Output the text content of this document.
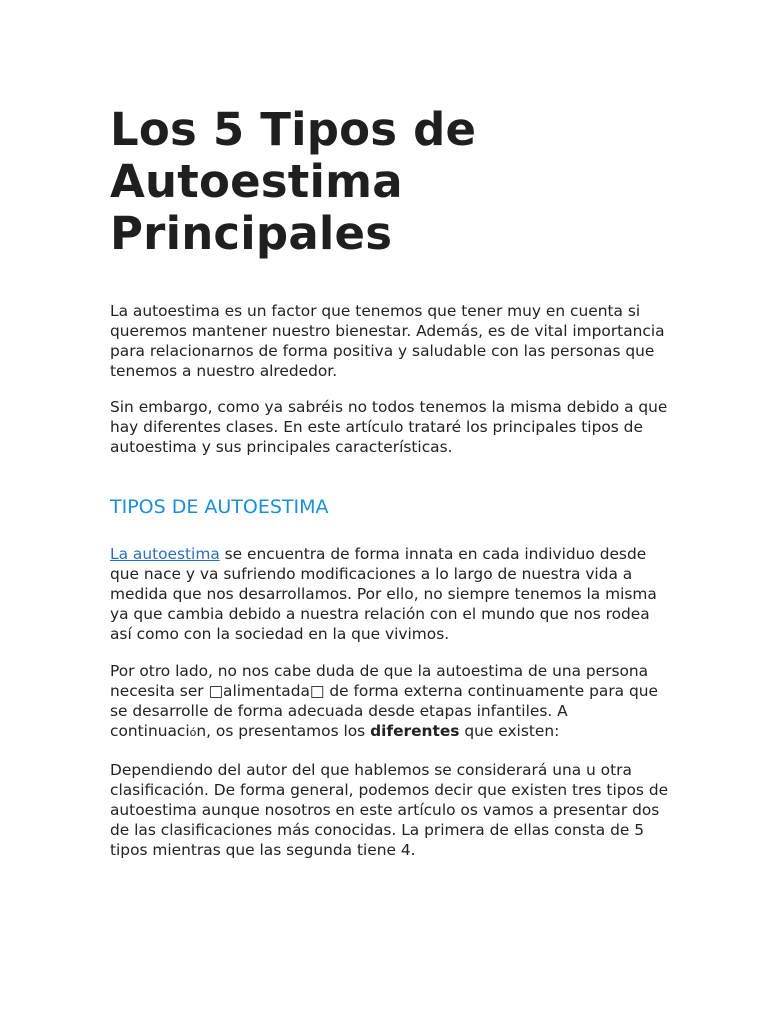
Los 5 Tipos de
Autoestima
Principales

La autoestima es un factor que tenemos que tener muy en cuenta si queremos mantener nuestro bienestar. Además, es de vital importancia para relacionarnos de forma positiva y saludable con las personas que tenemos a nuestro alrededor.

Sin embargo, como ya sabréis no todos tenemos la misma debido a que hay diferentes clases. En este artículo trataré los principales tipos de autoestima y sus principales características.

TIPOS DE AUTOESTIMA

La autoestima se encuentra de forma innata en cada individuo desde que nace y va sufriendo modificaciones a lo largo de nuestra vida a medida que nos desarrollamos. Por ello, no siempre tenemos la misma ya que cambia debido a nuestra relación con el mundo que nos rodea así como con la sociedad en la que vivimos.

Por otro lado, no nos cabe duda de que la autoestima de una persona necesita ser □alimentada□ de forma externa continuamente para que se desarrolle de forma adecuada desde etapas infantiles. A continuación, os presentamos los diferentes que existen:

Dependiendo del autor del que hablemos se considerará una u otra clasificación. De forma general, podemos decir que existen tres tipos de autoestima aunque nosotros en este artículo os vamos a presentar dos de las clasificaciones más conocidas. La primera de ellas consta de 5 tipos mientras que las segunda tiene 4.
